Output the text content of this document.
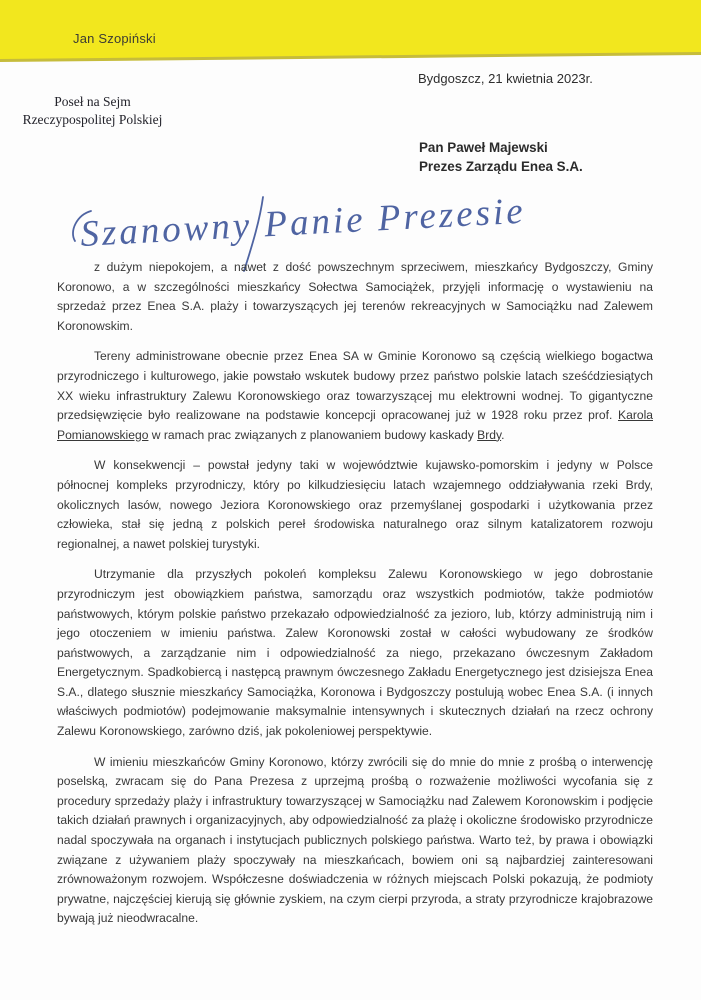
Jan Szopiński
Bydgoszcz, 21 kwietnia 2023r.
Poseł na Sejm
Rzeczypospolitej Polskiej
Pan Paweł Majewski
Prezes Zarządu Enea S.A.
Szanowny Panie Prezesie

z dużym niepokojem, a nawet z dość powszechnym sprzeciwem, mieszkańcy Bydgoszczy, Gminy Koronowo, a w szczególności mieszkańcy Sołectwa Samociążek, przyjęli informację o wystawieniu na sprzedaż przez Enea S.A. plaży i towarzyszących jej terenów rekreacyjnych w Samociążku nad Zalewem Koronowskim.

Tereny administrowane obecnie przez Enea SA w Gminie Koronowo są częścią wielkiego bogactwa przyrodniczego i kulturowego, jakie powstało wskutek budowy przez państwo polskie latach sześćdziesiątych XX wieku infrastruktury Zalewu Koronowskiego oraz towarzyszącej mu elektrowni wodnej. To gigantyczne przedsięwzięcie było realizowane na podstawie koncepcji opracowanej już w 1928 roku przez prof. Karola Pomianowskiego w ramach prac związanych z planowaniem budowy kaskady Brdy.

W konsekwencji – powstał jedyny taki w województwie kujawsko-pomorskim i jedyny w Polsce północnej kompleks przyrodniczy, który po kilkudziesięciu latach wzajemnego oddziaływania rzeki Brdy, okolicznych lasów, nowego Jeziora Koronowskiego oraz przemyślanej gospodarki i użytkowania przez człowieka, stał się jedną z polskich pereł środowiska naturalnego oraz silnym katalizatorem rozwoju regionalnej, a nawet polskiej turystyki.

Utrzymanie dla przyszłych pokoleń kompleksu Zalewu Koronowskiego w jego dobrostanie przyrodniczym jest obowiązkiem państwa, samorządu oraz wszystkich podmiotów, także podmiotów państwowych, którym polskie państwo przekazało odpowiedzialność za jezioro, lub, którzy administrują nim i jego otoczeniem w imieniu państwa. Zalew Koronowski został w całości wybudowany ze środków państwowych, a zarządzanie nim i odpowiedzialność za niego, przekazano ówczesnym Zakładom Energetycznym. Spadkobiercą i następcą prawnym ówczesnego Zakładu Energetycznego jest dzisiejsza Enea S.A., dlatego słusznie mieszkańcy Samociążka, Koronowa i Bydgoszczy postulują wobec Enea S.A. (i innych właściwych podmiotów) podejmowanie maksymalnie intensywnych i skutecznych działań na rzecz ochrony Zalewu Koronowskiego, zarówno dziś, jak pokoleniowej perspektywie.

W imieniu mieszkańców Gminy Koronowo, którzy zwrócili się do mnie do mnie z prośbą o interwencję poselską, zwracam się do Pana Prezesa z uprzejmą prośbą o rozważenie możliwości wycofania się z procedury sprzedaży plaży i infrastruktury towarzyszącej w Samociążku nad Zalewem Koronowskim i podjęcie takich działań prawnych i organizacyjnych, aby odpowiedzialność za plażę i okoliczne środowisko przyrodnicze nadal spoczywała na organach i instytucjach publicznych polskiego państwa. Warto też, by prawa i obowiązki związane z używaniem plaży spoczywały na mieszkańcach, bowiem oni są najbardziej zainteresowani zrównoważonym rozwojem. Współczesne doświadczenia w różnych miejscach Polski pokazują, że podmioty prywatne, najczęściej kierują się głównie zyskiem, na czym cierpi przyroda, a straty przyrodnicze krajobrazowe bywają już nieodwracalne.
